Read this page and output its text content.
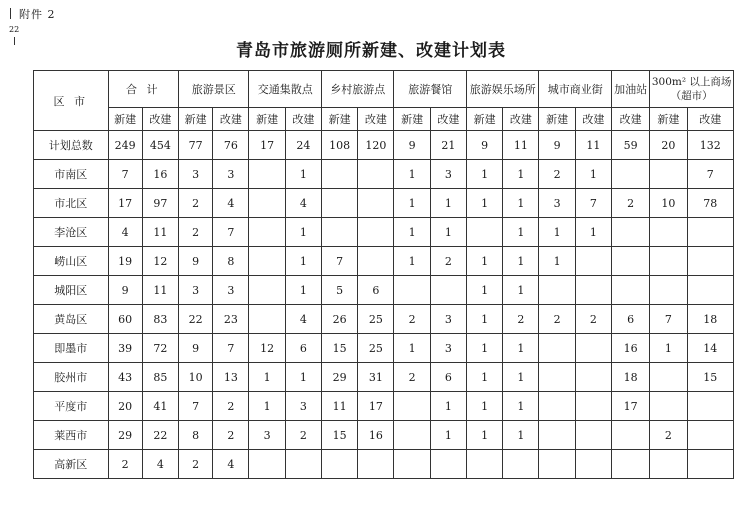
附件 2
22
青岛市旅游厕所新建、改建计划表
区 市	合 计		旅游景区		交通集散点		乡村旅游点		旅游餐馆		旅游娱乐场所		城市商业街		加油站	300m² 以上商场（超市）	
	新建	改建	新建	改建	新建	改建	新建	改建	新建	改建	新建	改建	新建	改建	改建	新建	改建
计划总数	249	454	77	76	17	24	108	120	9	21	9	11	9	11	59	20	132
市南区	7	16	3	3		1			1	3	1	1	2	1			7
市北区	17	97	2	4		4			1	1	1	1	3	7	2	10	78
李沧区	4	11	2	7		1			1	1		1	1	1			
崂山区	19	12	9	8		1	7		1	2	1	1	1				
城阳区	9	11	3	3		1	5	6			1	1					
黄岛区	60	83	22	23		4	26	25	2	3	1	2	2	2	6	7	18
即墨市	39	72	9	7	12	6	15	25	1	3	1	1			16	1	14
胶州市	43	85	10	13	1	1	29	31	2	6	1	1			18		15
平度市	20	41	7	2	1	3	11	17		1	1	1			17		
莱西市	29	22	8	2	3	2	15	16		1	1	1				2	
高新区	2	4	2	4													
